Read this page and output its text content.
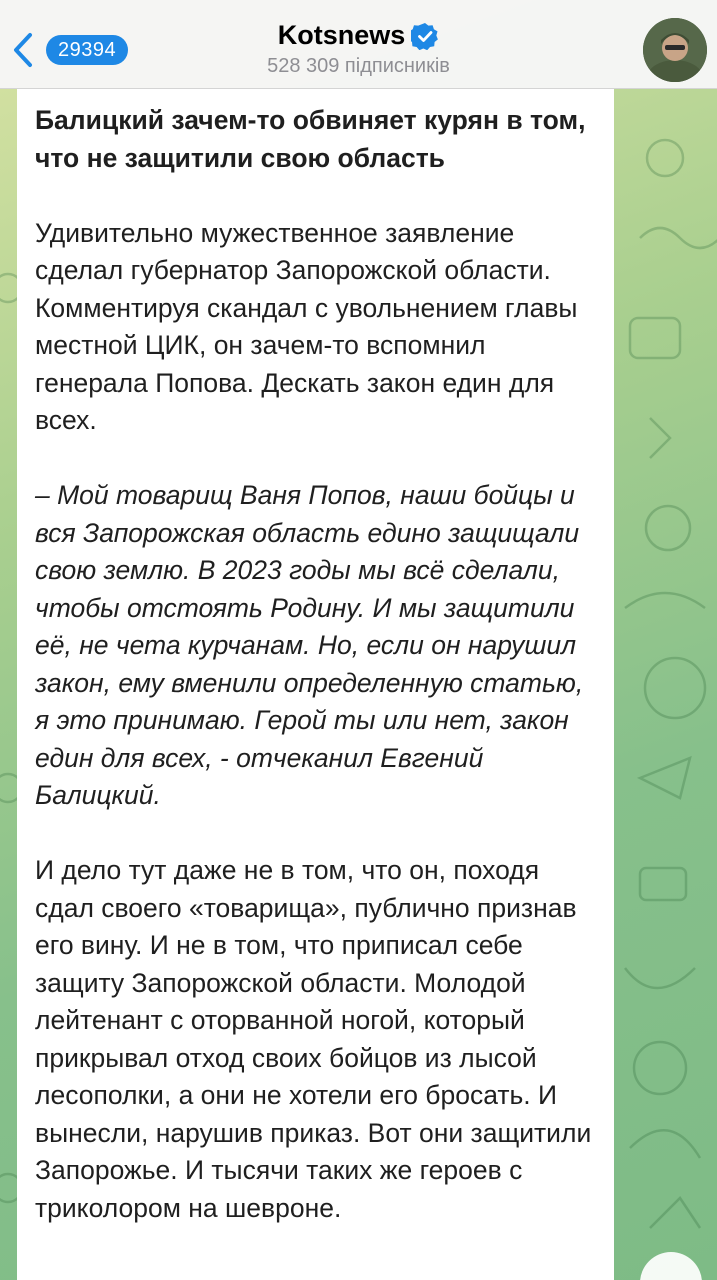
29394	Kotsnews
528 309 підписників

Балицкий зачем-то обвиняет курян в том, что не защитили свою область

Удивительно мужественное заявление сделал губернатор Запорожской области. Комментируя скандал с увольнением главы местной ЦИК, он зачем-то вспомнил генерала Попова. Дескать закон един для всех.

– Мой товарищ Ваня Попов, наши бойцы и вся Запорожская область едино защищали свою землю. В 2023 годы мы всё сделали, чтобы отстоять Родину. И мы защитили её, не чета курчанам. Но, если он нарушил закон, ему вменили определенную статью, я это принимаю. Герой ты или нет, закон един для всех, - отчеканил Евгений Балицкий.

И дело тут даже не в том, что он, походя сдал своего «товарища», публично признав его вину. И не в том, что приписал себе защиту Запорожской области. Молодой лейтенант с оторванной ногой, который прикрывал отход своих бойцов из лысой лесополки, а они не хотели его бросать. И вынесли, нарушив приказ. Вот они защитили Запорожье. И тысячи таких же героев с триколором на шевроне.
